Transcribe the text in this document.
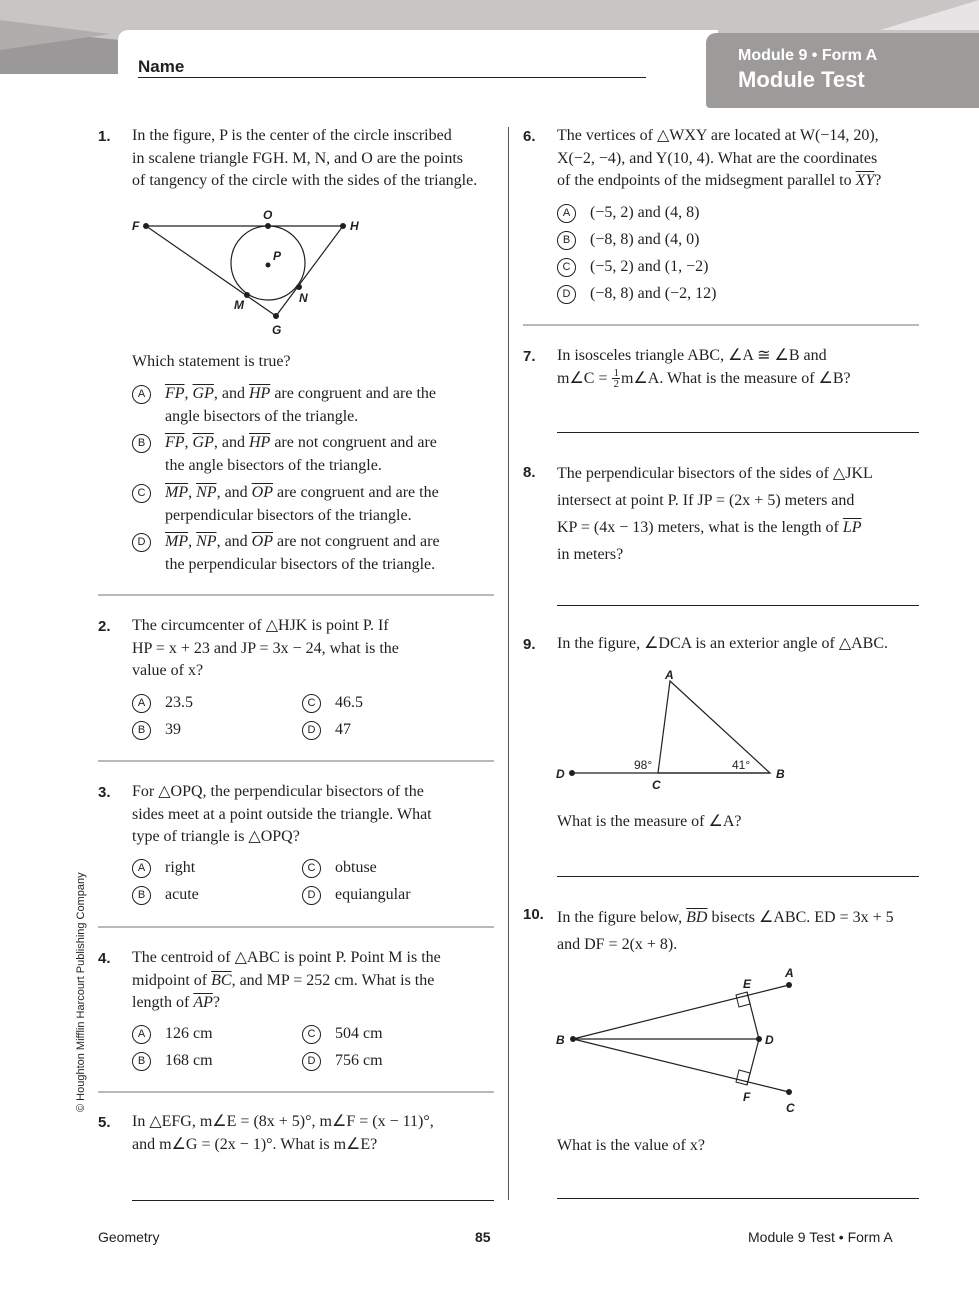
Name
Module 9 • Form A
Module Test
© Houghton Mifflin Harcourt Publishing Company
1. In the figure, P is the center of the circle inscribed
in scalene triangle FGH. M, N, and O are the points
of tangency of the circle with the sides of the triangle.
F
O
H
P
M	N
G
Which statement is true?
A	$\overline{FP}$, $\overline{GP}$, and $\overline{HP}$ are congruent and are the
angle bisectors of the triangle.
B	$\overline{FP}$, $\overline{GP}$, and $\overline{HP}$ are not congruent and are
the angle bisectors of the triangle.
C	$\overline{MP}$, $\overline{NP}$, and $\overline{OP}$ are congruent and are the
perpendicular bisectors of the triangle.
D	$\overline{MP}$, $\overline{NP}$, and $\overline{OP}$ are not congruent and are
the perpendicular bisectors of the triangle.
2. The circumcenter of △HJK is point P. If
HP = x + 23 and JP = 3x − 24, what is the
value of x?
A	23.5	C	46.5
B	39	D	47
3. For △OPQ, the perpendicular bisectors of the
sides meet at a point outside the triangle. What
type of triangle is △OPQ?
A	right	C	obtuse
B	acute	D	equiangular
4. The centroid of △ABC is point P. Point M is the
midpoint of $\overline{BC}$, and MP = 252 cm. What is the
length of $\overline{AP}$?
A	126 cm	C	504 cm
B	168 cm	D	756 cm
5. In △EFG, m∠E = (8x + 5)°, m∠F = (x − 11)°,
and m∠G = (2x − 1)°. What is m∠E?
6. The vertices of △WXY are located at W(−14, 20),
X(−2, −4), and Y(10, 4). What are the coordinates
of the endpoints of the midsegment parallel to $\overline{XY}$?
A	(−5, 2) and (4, 8)
B	(−8, 8) and (4, 0)
C	(−5, 2) and (1, −2)
D	(−8, 8) and (−2, 12)
7. In isosceles triangle ABC, ∠A ≅ ∠B and
m∠C = $\frac{1}{2}$ m∠A. What is the measure of ∠B?
8. The perpendicular bisectors of the sides of △JKL
intersect at point P. If JP = (2x + 5) meters and
KP = (4x − 13) meters, what is the length of $\overline{LP}$
in meters?
9. In the figure, ∠DCA is an exterior angle of △ABC.
A
D
C
B
98°	41°
What is the measure of ∠A?
10. In the figure below, $\overline{BD}$ bisects ∠ABC. ED = 3x + 5
and DF = 2(x + 8).
E
A
B	D
F
C
What is the value of x?
Geometry	85	Module 9 Test • Form A
